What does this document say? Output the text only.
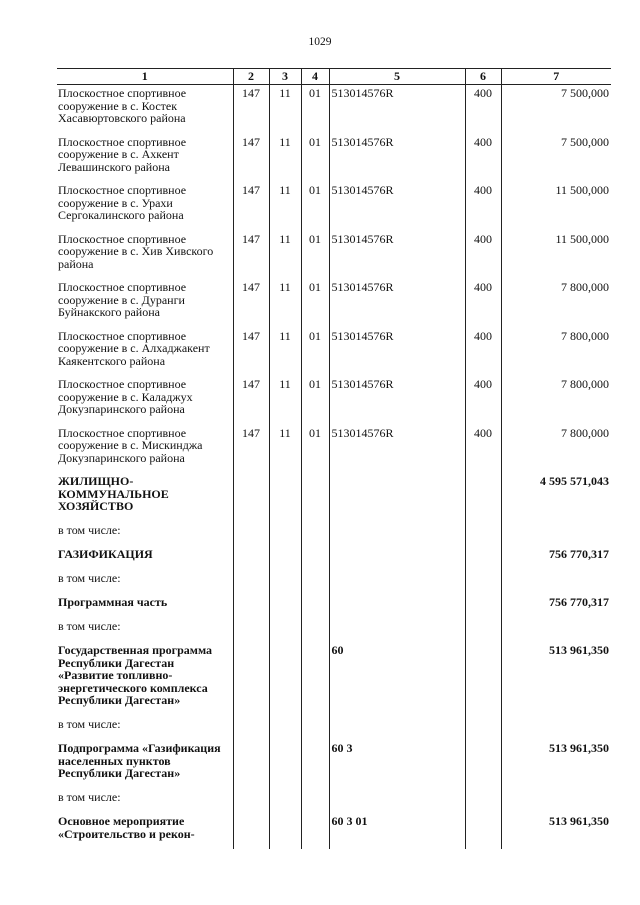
1029
1	2	3	4	5	6	7
Плоскостное спортивное сооружение в с. Костек Хасавюртовского района	147	11	01	513014576R	400	7 500,000
Плоскостное спортивное сооружение в с. Ахкент Левашинского района	147	11	01	513014576R	400	7 500,000
Плоскостное спортивное сооружение в с. Урахи Сергокалинского района	147	11	01	513014576R	400	11 500,000
Плоскостное спортивное сооружение в с. Хив Хивского района	147	11	01	513014576R	400	11 500,000
Плоскостное спортивное сооружение в с. Дуранги Буйнакского района	147	11	01	513014576R	400	7 800,000
Плоскостное спортивное сооружение в с. Алхаджакент Каякентского района	147	11	01	513014576R	400	7 800,000
Плоскостное спортивное сооружение в с. Каладжух Докузпаринского района	147	11	01	513014576R	400	7 800,000
Плоскостное спортивное сооружение в с. Мискинджа Докузпаринского района	147	11	01	513014576R	400	7 800,000
ЖИЛИЩНО-КОММУНАЛЬНОЕ ХОЗЯЙСТВО						4 595 571,043
в том числе:						
ГАЗИФИКАЦИЯ						756 770,317
в том числе:						
Программная часть						756 770,317
в том числе:						
Государственная программа Республики Дагестан «Развитие топливно-энергетического комплекса Республики Дагестан»				60		513 961,350
в том числе:						
Подпрограмма «Газификация населенных пунктов Республики Дагестан»				60 3		513 961,350
в том числе:						
Основное мероприятие «Строительство и рекон-				60 3 01		513 961,350
